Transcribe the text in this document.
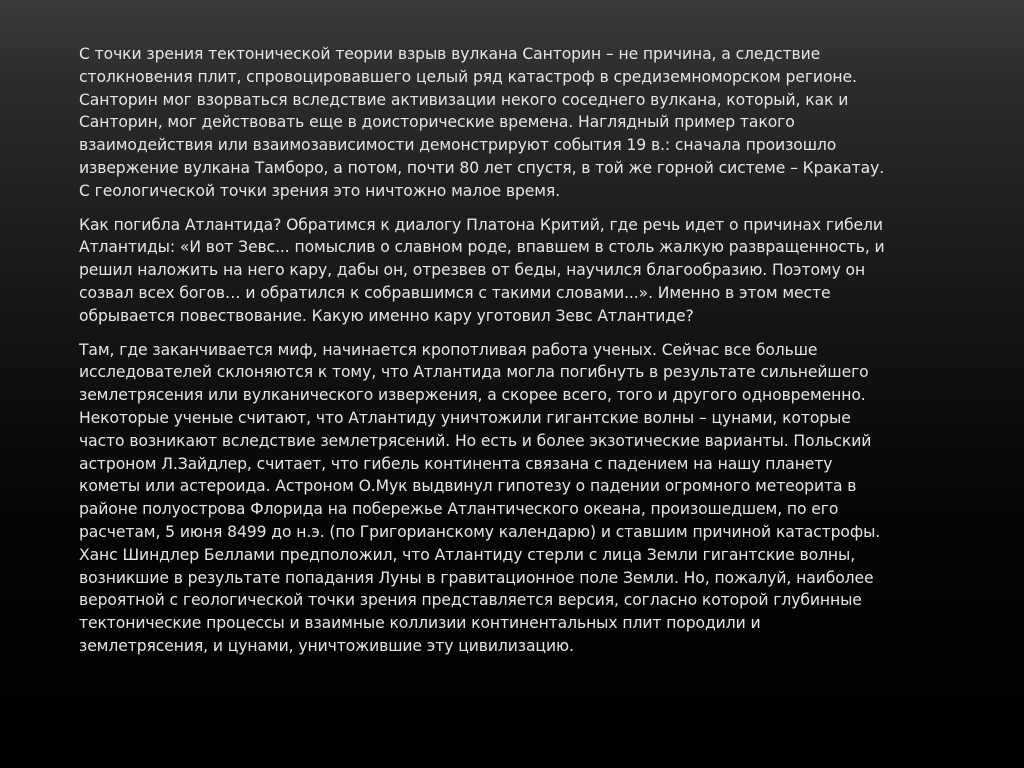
С точки зрения тектонической теории взрыв вулкана Санторин – не причина, а следствие
столкновения плит, спровоцировавшего целый ряд катастроф в средиземноморском регионе.
Санторин мог взорваться вследствие активизации некого соседнего вулкана, который, как и
Санторин, мог действовать еще в доисторические времена. Наглядный пример такого
взаимодействия или взаимозависимости демонстрируют события 19 в.: сначала произошло
извержение вулкана Тамборо, а потом, почти 80 лет спустя, в той же горной системе – Кракатау.
С геологической точки зрения это ничтожно малое время.

Как погибла Атлантида? Обратимся к диалогу Платона Критий, где речь идет о причинах гибели
Атлантиды: «И вот Зевс... помыслив о славном роде, впавшем в столь жалкую развращенность, и
решил наложить на него кару, дабы он, отрезвев от беды, научился благообразию. Поэтому он
созвал всех богов… и обратился к собравшимся с такими словами...». Именно в этом месте
обрывается повествование. Какую именно кару уготовил Зевс Атлантиде?

Там, где заканчивается миф, начинается кропотливая работа ученых. Сейчас все больше
исследователей склоняются к тому, что Атлантида могла погибнуть в результате сильнейшего
землетрясения или вулканического извержения, а скорее всего, того и другого одновременно.
Некоторые ученые считают, что Атлантиду уничтожили гигантские волны – цунами, которые
часто возникают вследствие землетрясений. Но есть и более экзотические варианты. Польский
астроном Л.Зайдлер, считает, что гибель континента связана с падением на нашу планету
кометы или астероида. Астроном О.Мук выдвинул гипотезу о падении огромного метеорита в
районе полуострова Флорида на побережье Атлантического океана, произошедшем, по его
расчетам, 5 июня 8499 до н.э. (по Григорианскому календарю) и ставшим причиной катастрофы.
Ханс Шиндлер Беллами предположил, что Атлантиду стерли с лица Земли гигантские волны,
возникшие в результате попадания Луны в гравитационное поле Земли. Но, пожалуй, наиболее
вероятной с геологической точки зрения представляется версия, согласно которой глубинные
тектонические процессы и взаимные коллизии континентальных плит породили и
землетрясения, и цунами, уничтожившие эту цивилизацию.
